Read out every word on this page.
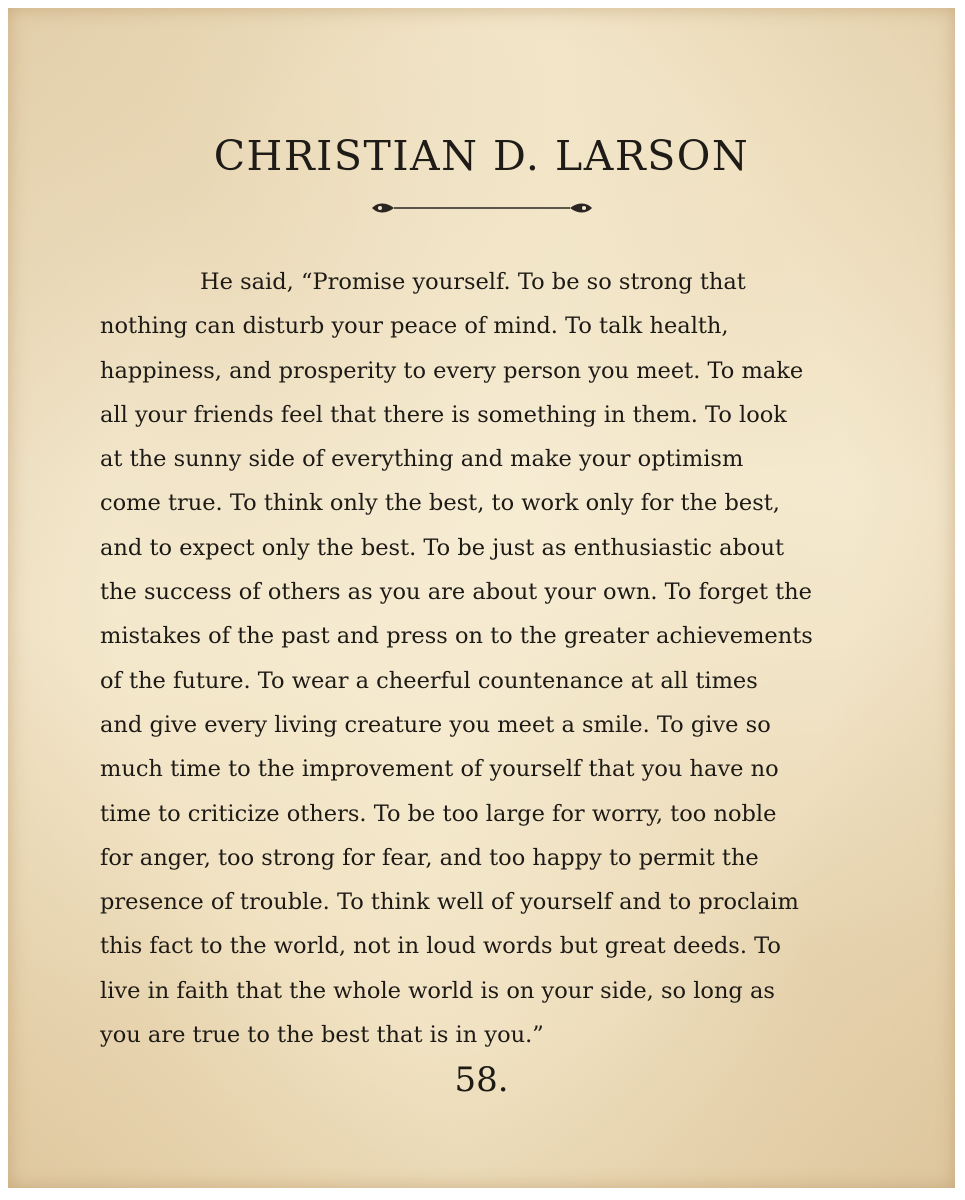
CHRISTIAN D. LARSON
He said, “Promise yourself. To be so strong that
nothing can disturb your peace of mind. To talk health,
happiness, and prosperity to every person you meet. To make
all your friends feel that there is something in them. To look
at the sunny side of everything and make your optimism
come true. To think only the best, to work only for the best,
and to expect only the best. To be just as enthusiastic about
the success of others as you are about your own. To forget the
mistakes of the past and press on to the greater achievements
of the future. To wear a cheerful countenance at all times
and give every living creature you meet a smile. To give so
much time to the improvement of yourself that you have no
time to criticize others. To be too large for worry, too noble
for anger, too strong for fear, and too happy to permit the
presence of trouble. To think well of yourself and to proclaim
this fact to the world, not in loud words but great deeds. To
live in faith that the whole world is on your side, so long as
you are true to the best that is in you.”
58.
